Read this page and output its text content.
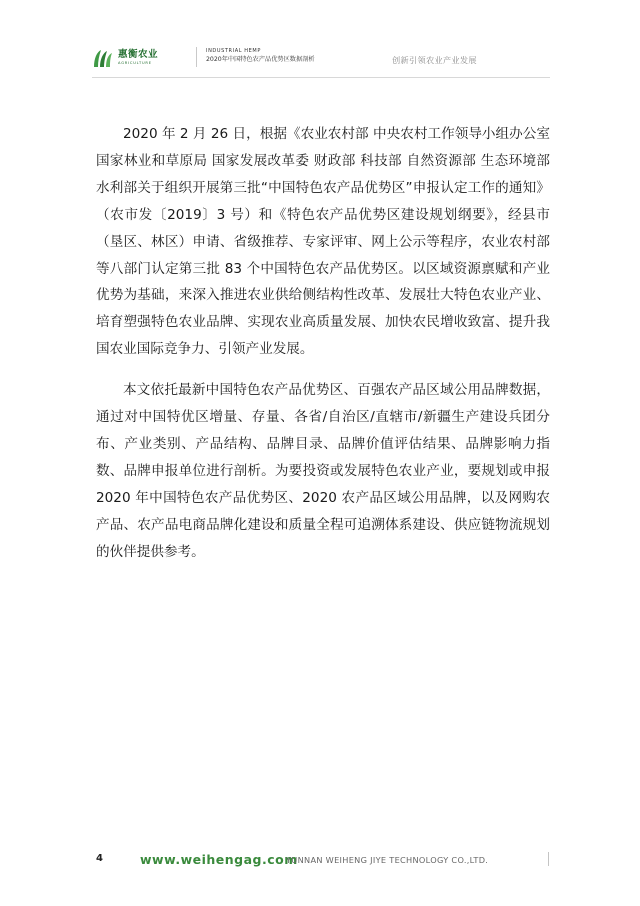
惠衡农业
AGRICULTURE
INDUSTRIAL HEMP
2020年中国特色农产品优势区数据剖析	创新引领农业产业发展

2020 年 2 月 26 日，根据《农业农村部 中央农村工作领导小组办公室 国家林业和草原局 国家发展改革委 财政部 科技部 自然资源部 生态环境部 水利部关于组织开展第三批“中国特色农产品优势区”申报认定工作的通知》（农市发〔2019〕3 号）和《特色农产品优势区建设规划纲要》，经县市（垦区、林区）申请、省级推荐、专家评审、网上公示等程序，农业农村部等八部门认定第三批 83 个中国特色农产品优势区。以区域资源禀赋和产业优势为基础，来深入推进农业供给侧结构性改革、发展壮大特色农业产业、培育塑强特色农业品牌、实现农业高质量发展、加快农民增收致富、提升我国农业国际竞争力、引领产业发展。

本文依托最新中国特色农产品优势区、百强农产品区域公用品牌数据，通过对中国特优区增量、存量、各省/自治区/直辖市/新疆生产建设兵团分布、产业类别、产品结构、品牌目录、品牌价值评估结果、品牌影响力指数、品牌申报单位进行剖析。为要投资或发展特色农业产业，要规划或申报 2020 年中国特色农产品优势区、2020 农产品区域公用品牌，以及网购农产品、农产品电商品牌化建设和质量全程可追溯体系建设、供应链物流规划的伙伴提供参考。

4	www.weihengag.com
YUNNAN WEIHENG JIYE TECHNOLOGY CO.,LTD.
